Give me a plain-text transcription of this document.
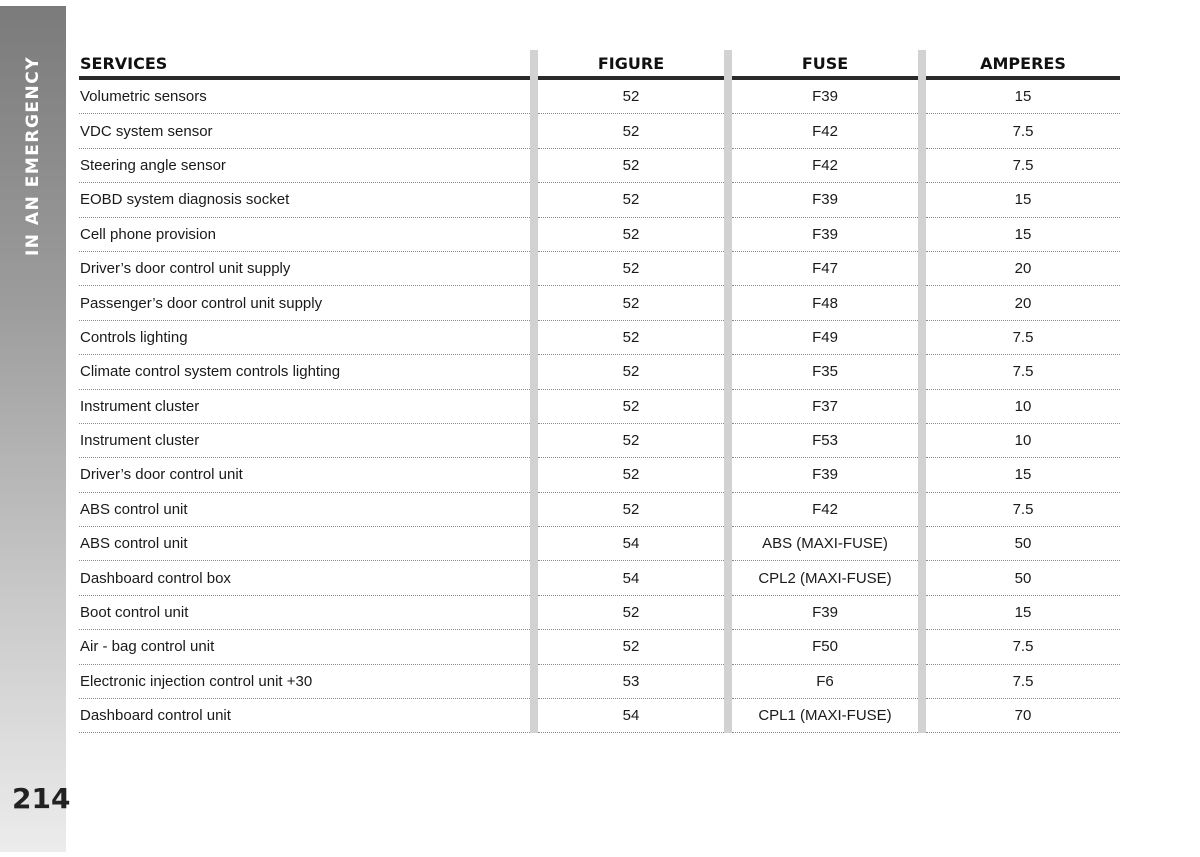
IN AN EMERGENCY
214
SERVICES	FIGURE	FUSE	AMPERES
Volumetric sensors	52	F39	15
VDC system sensor	52	F42	7.5
Steering angle sensor	52	F42	7.5
EOBD system diagnosis socket	52	F39	15
Cell phone provision	52	F39	15
Driver’s door control unit supply	52	F47	20
Passenger’s door control unit supply	52	F48	20
Controls lighting	52	F49	7.5
Climate control system controls lighting	52	F35	7.5
Instrument cluster	52	F37	10
Instrument cluster	52	F53	10
Driver’s door control unit	52	F39	15
ABS control unit	52	F42	7.5
ABS control unit	54	ABS (MAXI-FUSE)	50
Dashboard control box	54	CPL2 (MAXI-FUSE)	50
Boot control unit	52	F39	15
Air - bag control unit	52	F50	7.5
Electronic injection control unit +30	53	F6	7.5
Dashboard control unit	54	CPL1 (MAXI-FUSE)	70
